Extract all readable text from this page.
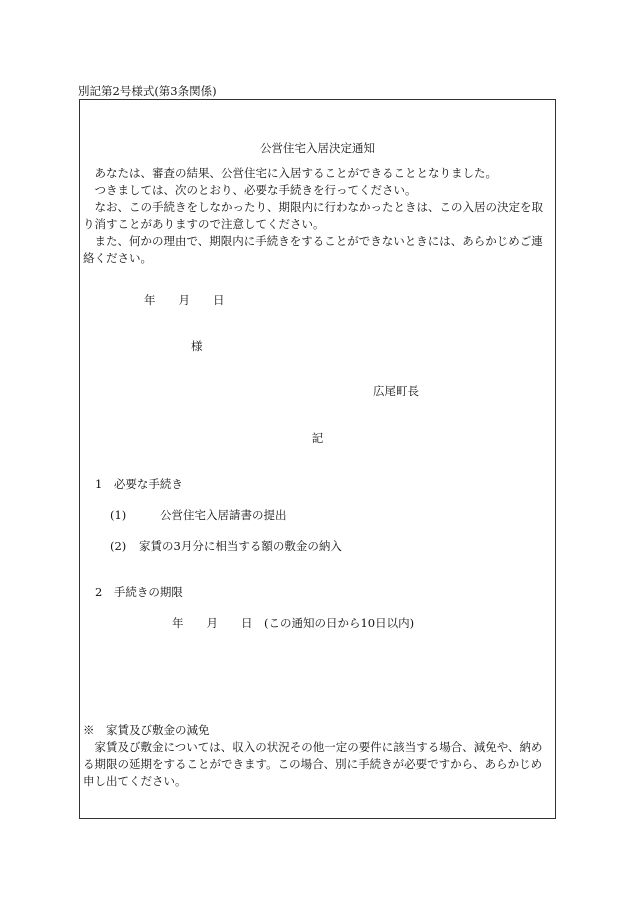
別記第2号様式(第3条関係)
公営住宅入居決定通知
あなたは、審査の結果、公営住宅に入居することができることとなりました。
つきましては、次のとおり、必要な手続きを行ってください。
なお、この手続きをしなかったり、期限内に行わなかったときは、この入居の決定を取り消すことがありますので注意してください。
また、何かの理由で、期限内に手続きをすることができないときには、あらかじめご連絡ください。
年　　月　　日
様
広尾町長
記
1　必要な手続き
(1)	公営住宅入居請書の提出
(2) 家賃の3月分に相当する額の敷金の納入
2　手続きの期限
年　　月　　日　(この通知の日から10日以内)
※　家賃及び敷金の減免
家賃及び敷金については、収入の状況その他一定の要件に該当する場合、減免や、納める期限の延期をすることができます。この場合、別に手続きが必要ですから、あらかじめ申し出てください。
